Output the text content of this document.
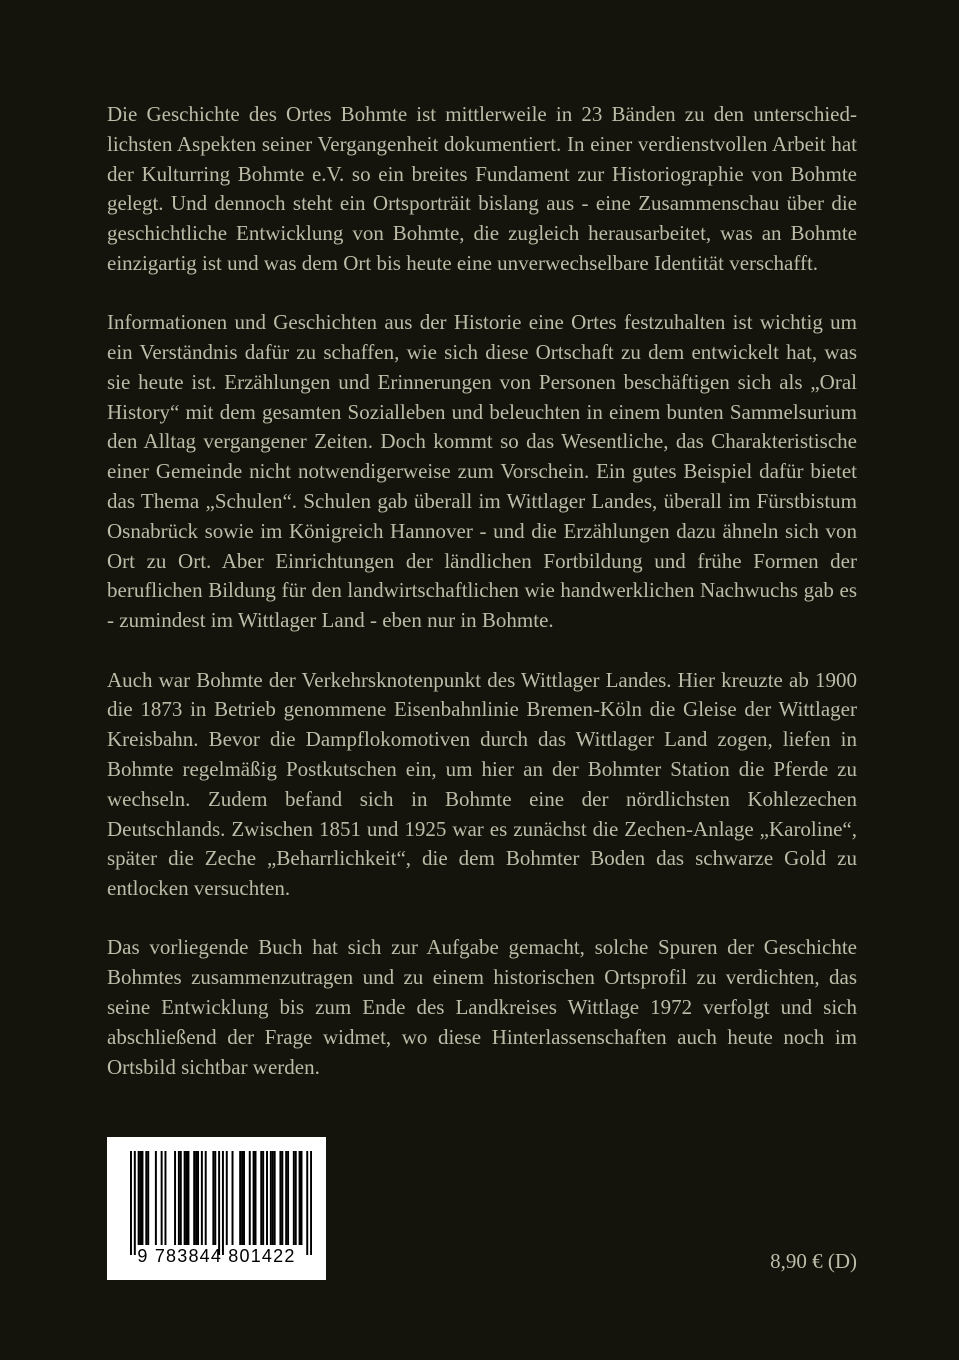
Die Geschichte des Ortes Bohmte ist mittlerweile in 23 Bänden zu den unterschiedlichsten Aspekten seiner Vergangenheit dokumentiert. In einer verdienstvollen Arbeit hat der Kulturring Bohmte e.V. so ein breites Fundament zur Historiographie von Bohmte gelegt. Und dennoch steht ein Ortsporträit bislang aus - eine Zusammenschau über die geschichtliche Entwicklung von Bohmte, die zugleich herausarbeitet, was an Bohmte einzigartig ist und was dem Ort bis heute eine unverwechselbare Identität verschafft.

Informationen und Geschichten aus der Historie eine Ortes festzuhalten ist wichtig um ein Verständnis dafür zu schaffen, wie sich diese Ortschaft zu dem entwickelt hat, was sie heute ist. Erzählungen und Erinnerungen von Personen beschäftigen sich als „Oral History“ mit dem gesamten Sozialleben und beleuchten in einem bunten Sammelsurium den Alltag vergangener Zeiten. Doch kommt so das Wesentliche, das Charakteristische einer Gemeinde nicht notwendigerweise zum Vorschein. Ein gutes Beispiel dafür bietet das Thema „Schulen“. Schulen gab überall im Wittlager Landes, überall im Fürstbistum Osnabrück sowie im Königreich Hannover - und die Erzählungen dazu ähneln sich von Ort zu Ort. Aber Einrichtungen der ländlichen Fortbildung und frühe Formen der beruflichen Bildung für den landwirtschaftlichen wie handwerklichen Nachwuchs gab es - zumindest im Wittlager Land - eben nur in Bohmte.

Auch war Bohmte der Verkehrsknotenpunkt des Wittlager Landes. Hier kreuzte ab 1900 die 1873 in Betrieb genommene Eisenbahnlinie Bremen-Köln die Gleise der Wittlager Kreisbahn. Bevor die Dampflokomotiven durch das Wittlager Land zogen, liefen in Bohmte regelmäßig Postkutschen ein, um hier an der Bohmter Station die Pferde zu wechseln. Zudem befand sich in Bohmte eine der nördlichsten Kohlezechen Deutschlands. Zwischen 1851 und 1925 war es zunächst die Zechen-Anlage „Karoline“, später die Zeche „Beharrlichkeit“, die dem Bohmter Boden das schwarze Gold zu entlocken versuchten.

Das vorliegende Buch hat sich zur Aufgabe gemacht, solche Spuren der Geschichte Bohmtes zusammenzutragen und zu einem historischen Ortsprofil zu verdichten, das seine Entwicklung bis zum Ende des Landkreises Wittlage 1972 verfolgt und sich abschließend der Frage widmet, wo diese Hinterlassenschaften auch heute noch im Ortsbild sichtbar werden.

9 783844 801422	8,90 € (D)
